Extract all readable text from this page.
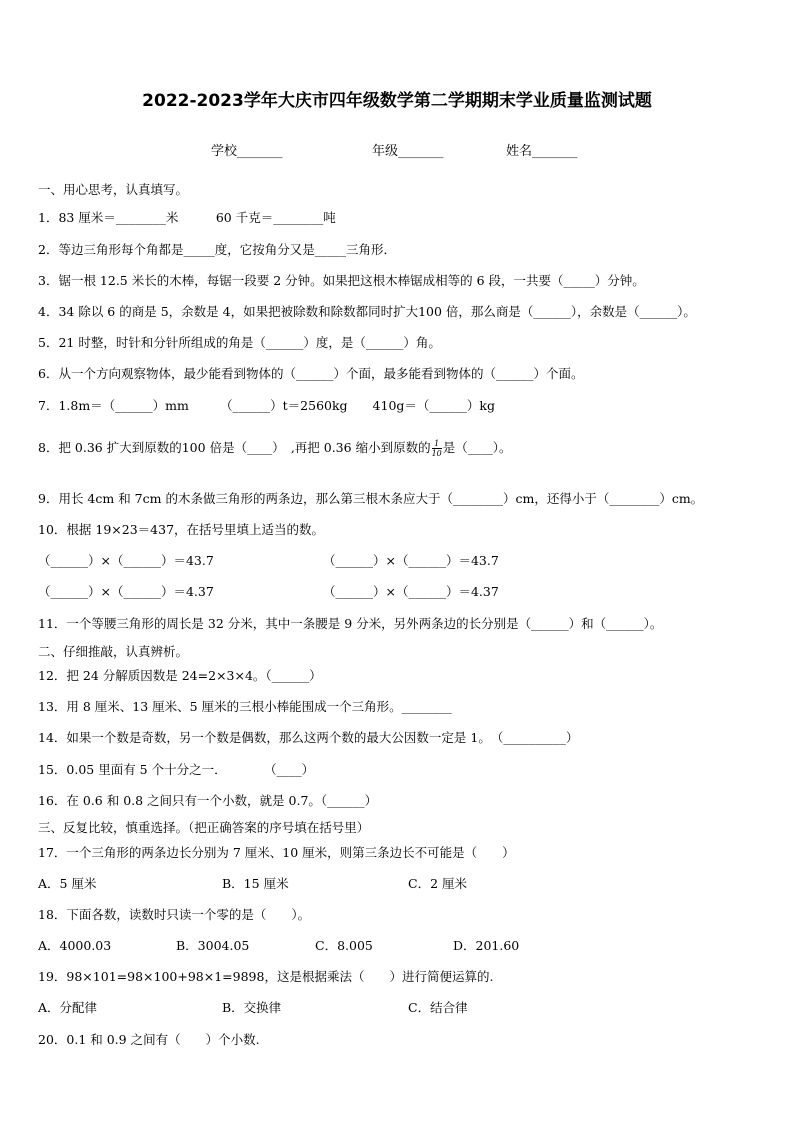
2022-2023学年大庆市四年级数学第二学期期末学业质量监测试题
学校_______	年级_______	姓名_______
一、用心思考，认真填写。
1．83 厘米＝________米　　　60 千克＝________吨
2．等边三角形每个角都是_____度，它按角分又是_____三角形．
3．锯一根 12.5 米长的木棒，每锯一段要 2 分钟。如果把这根木棒锯成相等的 6 段，一共要（_____）分钟。
4．34 除以 6 的商是 5，余数是 4，如果把被除数和除数都同时扩大100 倍，那么商是（______），余数是（______）。
5．21 时整，时针和分针所组成的角是（______）度，是（______）角。
6．从一个方向观察物体，最少能看到物体的（______）个面，最多能看到物体的（______）个面。
7．1.8m＝（______）mm　　　（______）t＝2560kg　　410g＝（______）kg
8．把 0.36 扩大到原数的100 倍是（____）　,再把 0.36 缩小到原数的 $\frac{1}{10}$ 是（____）。
9．用长 4cm 和 7cm 的木条做三角形的两条边，那么第三根木条应大于（________）cm，还得小于（________）cm。
10．根据 19×23＝437，在括号里填上适当的数。
（______）×（______）＝43.7	（______）×（______）＝43.7
（______）×（______）＝4.37	（______）×（______）＝4.37
11．一个等腰三角形的周长是 32 分米，其中一条腰是 9 分米，另外两条边的长分别是（______）和（______）。
二、仔细推敲，认真辨析。
12．把 24 分解质因数是 24=2×3×4。（______）
13．用 8 厘米、13 厘米、5 厘米的三根小棒能围成一个三角形。________
14．如果一个数是奇数，另一个数是偶数，那么这两个数的最大公因数一定是 1。　（__________）
15．0.05 里面有 5 个十分之一．　　　　（____）
16．在 0.6 和 0.8 之间只有一个小数，就是 0.7。（______）
三、反复比较，慎重选择。（把正确答案的序号填在括号里）
17．一个三角形的两条边长分别为 7 厘米、10 厘米，则第三条边长不可能是（　　）
A．5 厘米	B．15 厘米	C．2 厘米
18．下面各数，读数时只读一个零的是（　　）。
A．4000.03	B．3004.05	C．8.005	D．201.60
19．98×101=98×100+98×1=9898，这是根据乘法（　　）进行简便运算的.
A．分配律	B．交换律	C．结合律
20．0.1 和 0.9 之间有（　　）个小数.
